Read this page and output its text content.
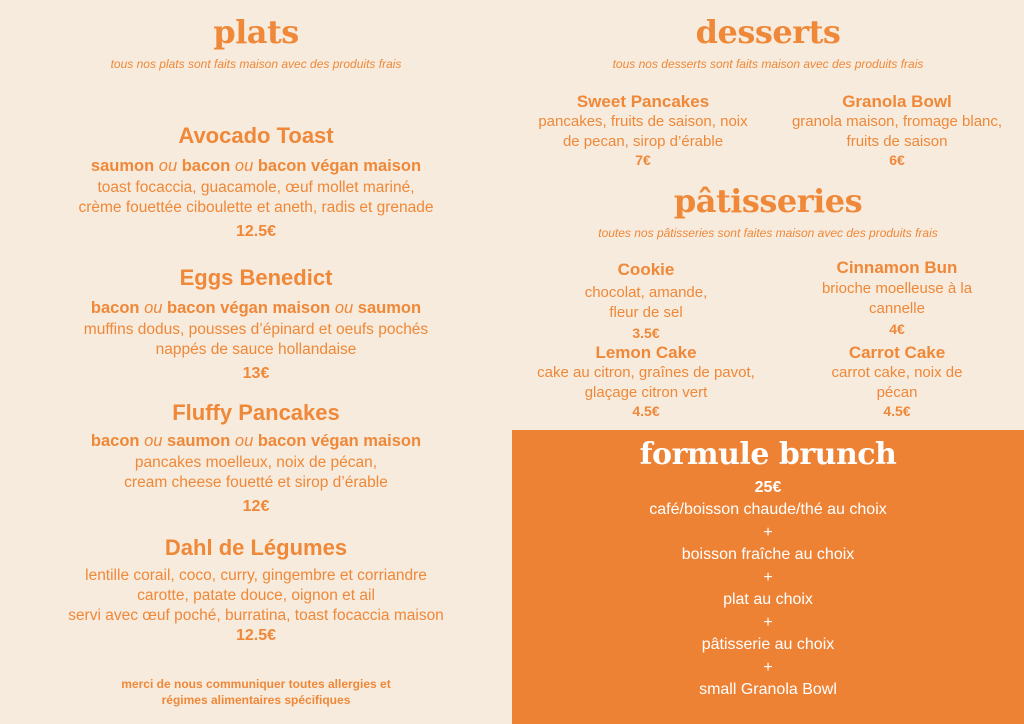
plats
tous nos plats sont faits maison avec des produits frais
Avocado Toast
saumon ou bacon ou bacon végan maison
toast focaccia, guacamole, œuf mollet mariné,
crème fouettée ciboulette et aneth, radis et grenade
12.5€
Eggs Benedict
bacon ou bacon végan maison ou saumon
muffins dodus, pousses d’épinard et oeufs pochés
nappés de sauce hollandaise
13€
Fluffy Pancakes
bacon ou saumon ou bacon végan maison
pancakes moelleux, noix de pécan,
cream cheese fouetté et sirop d’érable
12€
Dahl de Légumes
lentille corail, coco, curry, gingembre et corriandre
carotte, patate douce, oignon et ail
servi avec œuf poché, burratina, toast focaccia maison
12.5€
merci de nous communiquer toutes allergies et
régimes alimentaires spécifiques
desserts
tous nos desserts sont faits maison avec des produits frais
Sweet Pancakes
pancakes, fruits de saison, noix
de pecan, sirop d’érable
7€
Granola Bowl
granola maison, fromage blanc,
fruits de saison
6€
pâtisseries
toutes nos pâtisseries sont faites maison avec des produits frais
Cookie
chocolat, amande,
fleur de sel
3.5€
Cinnamon Bun
brioche moelleuse à la
cannelle
4€
Lemon Cake
cake au citron, graînes de pavot,
glaçage citron vert
4.5€
Carrot Cake
carrot cake, noix de
pécan
4.5€
formule brunch
25€
café/boisson chaude/thé au choix
+
boisson fraîche au choix
+
plat au choix
+
pâtisserie au choix
+
small Granola Bowl
